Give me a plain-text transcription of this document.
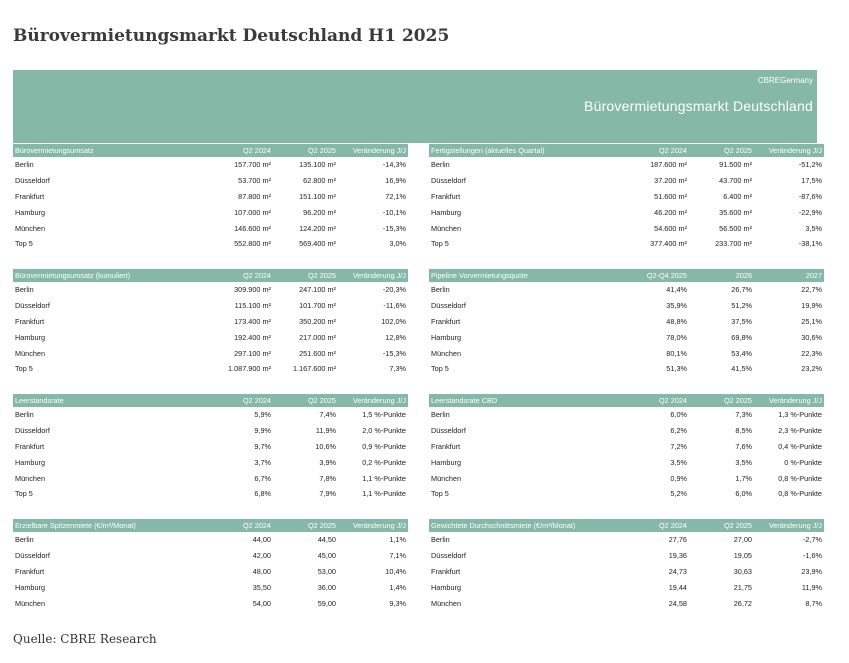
Bürovermietungsmarkt Deutschland H1 2025
CBREGermany
Bürovermietungsmarkt Deutschland
Bürovermietungsumsatz	Q2 2024	Q2 2025	Veränderung J/J
Berlin	157.700 m²	135.100 m²	-14,3%
Düsseldorf	53.700 m²	62.800 m²	16,9%
Frankfurt	87.800 m²	151.100 m²	72,1%
Hamburg	107.000 m²	96.200 m²	-10,1%
München	146.600 m²	124.200 m²	-15,3%
Top 5	552.800 m²	569.400 m²	3,0%
Fertigstellungen (aktuelles Quartal)	Q2 2024	Q2 2025	Veränderung J/J
Berlin	187.600 m²	91.500 m²	-51,2%
Düsseldorf	37.200 m²	43.700 m²	17,5%
Frankfurt	51.600 m²	6.400 m²	-87,6%
Hamburg	46.200 m²	35.600 m²	-22,9%
München	54.600 m²	56.500 m²	3,5%
Top 5	377.400 m²	233.700 m²	-38,1%
Bürovermietungsumsatz (kumuliert)	Q2 2024	Q2 2025	Veränderung J/J
Berlin	309.900 m²	247.100 m²	-20,3%
Düsseldorf	115.100 m²	101.700 m²	-11,6%
Frankfurt	173.400 m²	350.200 m²	102,0%
Hamburg	192.400 m²	217.000 m²	12,8%
München	297.100 m²	251.600 m²	-15,3%
Top 5	1.087.900 m²	1.167.600 m²	7,3%
Pipeline Vorvermietungsquote	Q2-Q4 2025	2026	2027
Berlin	41,4%	26,7%	22,7%
Düsseldorf	35,9%	51,2%	19,9%
Frankfurt	48,8%	37,5%	25,1%
Hamburg	78,0%	69,8%	30,6%
München	80,1%	53,4%	22,3%
Top 5	51,3%	41,5%	23,2%
Leerstandsrate	Q2 2024	Q2 2025	Veränderung J/J
Berlin	5,9%	7,4%	1,5 %-Punkte
Düsseldorf	9,9%	11,9%	2,0 %-Punkte
Frankfurt	9,7%	10,6%	0,9 %-Punkte
Hamburg	3,7%	3,9%	0,2 %-Punkte
München	6,7%	7,8%	1,1 %-Punkte
Top 5	6,8%	7,9%	1,1 %-Punkte
Leerstandsrate CBD	Q2 2024	Q2 2025	Veränderung J/J
Berlin	6,0%	7,3%	1,3 %-Punkte
Düsseldorf	6,2%	8,5%	2,3 %-Punkte
Frankfurt	7,2%	7,6%	0,4 %-Punkte
Hamburg	3,5%	3,5%	0 %-Punkte
München	0,9%	1,7%	0,8 %-Punkte
Top 5	5,2%	6,0%	0,8 %-Punkte
Erzielbare Spitzenmiete (€/m²/Monat)	Q2 2024	Q2 2025	Veränderung J/J
Berlin	44,00	44,50	1,1%
Düsseldorf	42,00	45,00	7,1%
Frankfurt	48,00	53,00	10,4%
Hamburg	35,50	36,00	1,4%
München	54,00	59,00	9,3%
Gewichtete Durchschnittsmiete (€/m²/Monat)	Q2 2024	Q2 2025	Veränderung J/J
Berlin	27,76	27,00	-2,7%
Düsseldorf	19,36	19,05	-1,6%
Frankfurt	24,73	30,63	23,9%
Hamburg	19,44	21,75	11,9%
München	24,58	26,72	8,7%
Quelle: CBRE Research
